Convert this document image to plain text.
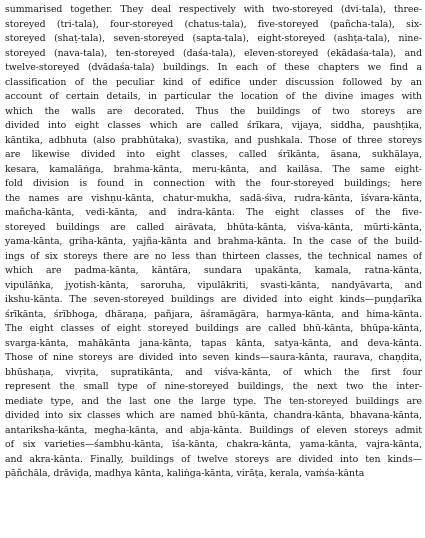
summarised together. They deal respectively with two-storeyed (dvi-tala), three-
storeyed (tri-tala), four-storeyed (chatus-tala), five-storeyed (pañcha-tala), six-
storeyed (shaṭ-tala), seven-storeyed (sapta-tala), eight-storeyed (ashṭa-tala), nine-
storeyed (nava-tala), ten-storeyed (daśa-tala), eleven-storeyed (ekādaśa-tala), and
twelve-storeyed (dvādaśa-tala) buildings. In each of these chapters we find a
classification of the peculiar kind of edifice under discussion followed by an
account of certain details, in particular the location of the divine images with
which the walls are decorated. Thus the buildings of two storeys are
divided into eight classes which are called śrīkara, vijaya, siddha, paushṭika,
kāntika, adbhuta (also prabhūtaka), svastika, and pushkala. Those of three storeys
are likewise divided into eight classes, called śrīkānta, āsana, sukhālaya,
kesara, kamalāṅga, brahma-kānta, meru-kānta, and kailāsa. The same eight-
fold division is found in connection with the four-storeyed buildings; here
the names are vishṇu-kānta, chatur-mukha, sadā-śiva, rudra-kānta, īśvara-kānta,
mañcha-kānta, vedi-kānta, and indra-kānta. The eight classes of the five-
storeyed buildings are called airāvata, bhūta-kānta, viśva-kānta, mūrti-kānta,
yama-kānta, griha-kānta, yajña-kānta and brahma-kānta. In the case of the build-
ings of six storeys there are no less than thirteen classes, the technical names of
which are padma-kānta, kāntāra, sundara upakānta, kamala, ratna-kānta,
vipulāṅka, jyotish-kānta, saroruha, vipulākriti, svasti-kānta, nandyāvarta, and
ikshu-kānta. The seven-storeyed buildings are divided into eight kinds—puṇḍarīka
śrīkānta, śrībhoga, dhāraṇa, pañjara, āśramāgāra, harmya-kānta, and hima-kānta.
The eight classes of eight storeyed buildings are called bhū-kānta, bhūpa-kānta,
svarga-kānta, mahākānta jana-kānta, tapas kānta, satya-kānta, and deva-kānta.
Those of nine storeys are divided into seven kinds—saura-kānta, raurava, chaṇḍita,
bhūshaṇa, vivṛita, supratikānta, and viśva-kānta, of which the first four
represent the small type of nine-storeyed buildings, the next two the inter-
mediate type, and the last one the large type. The ten-storeyed buildings are
divided into six classes which are named bhū-kānta, chandra-kānta, bhavana-kānta,
antariksha-kānta, megha-kānta, and abja-kānta. Buildings of eleven storeys admit
of six varieties—śambhu-kānta, īśa-kānta, chakra-kānta, yama-kānta, vajra-kānta,
and akra-kānta. Finally, buildings of twelve storeys are divided into ten kinds—
pāñchāla, drāviḍa, madhya kānta, kaliṅga-kānta, virāṭa, kerala, vaṁśa-kānta
